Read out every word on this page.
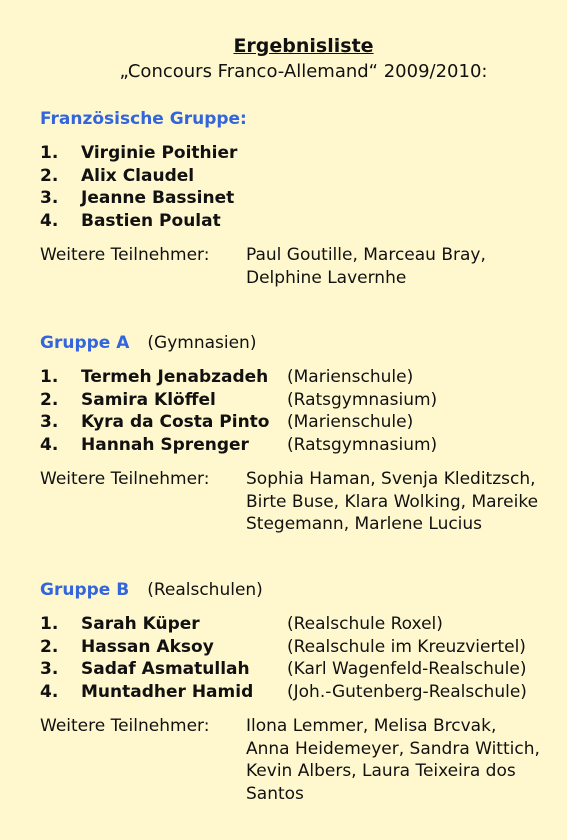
Ergebnisliste
„Concours Franco-Allemand“ 2009/2010:
Französische Gruppe:
1. Virginie Poithier
2. Alix Claudel
3. Jeanne Bassinet
4. Bastien Poulat
Weitere Teilnehmer: Paul Goutille, Marceau Bray,
Delphine Lavernhe
Gruppe A (Gymnasien)
1. Termeh Jenabzadeh (Marienschule)
2. Samira Klöffel	(Ratsgymnasium)
3. Kyra da Costa Pinto (Marienschule)
4. Hannah Sprenger (Ratsgymnasium)
Weitere Teilnehmer: Sophia Haman, Svenja Kleditzsch,
Birte Buse, Klara Wolking, Mareike
Stegemann, Marlene Lucius
Gruppe B (Realschulen)
1. Sarah Küper	(Realschule Roxel)
2. Hassan Aksoy	(Realschule im Kreuzviertel)
3. Sadaf Asmatullah (Karl Wagenfeld-Realschule)
4. Muntadher Hamid (Joh.-Gutenberg-Realschule)
Weitere Teilnehmer: Ilona Lemmer, Melisa Brcvak,
Anna Heidemeyer, Sandra Wittich,
Kevin Albers, Laura Teixeira dos
Santos
